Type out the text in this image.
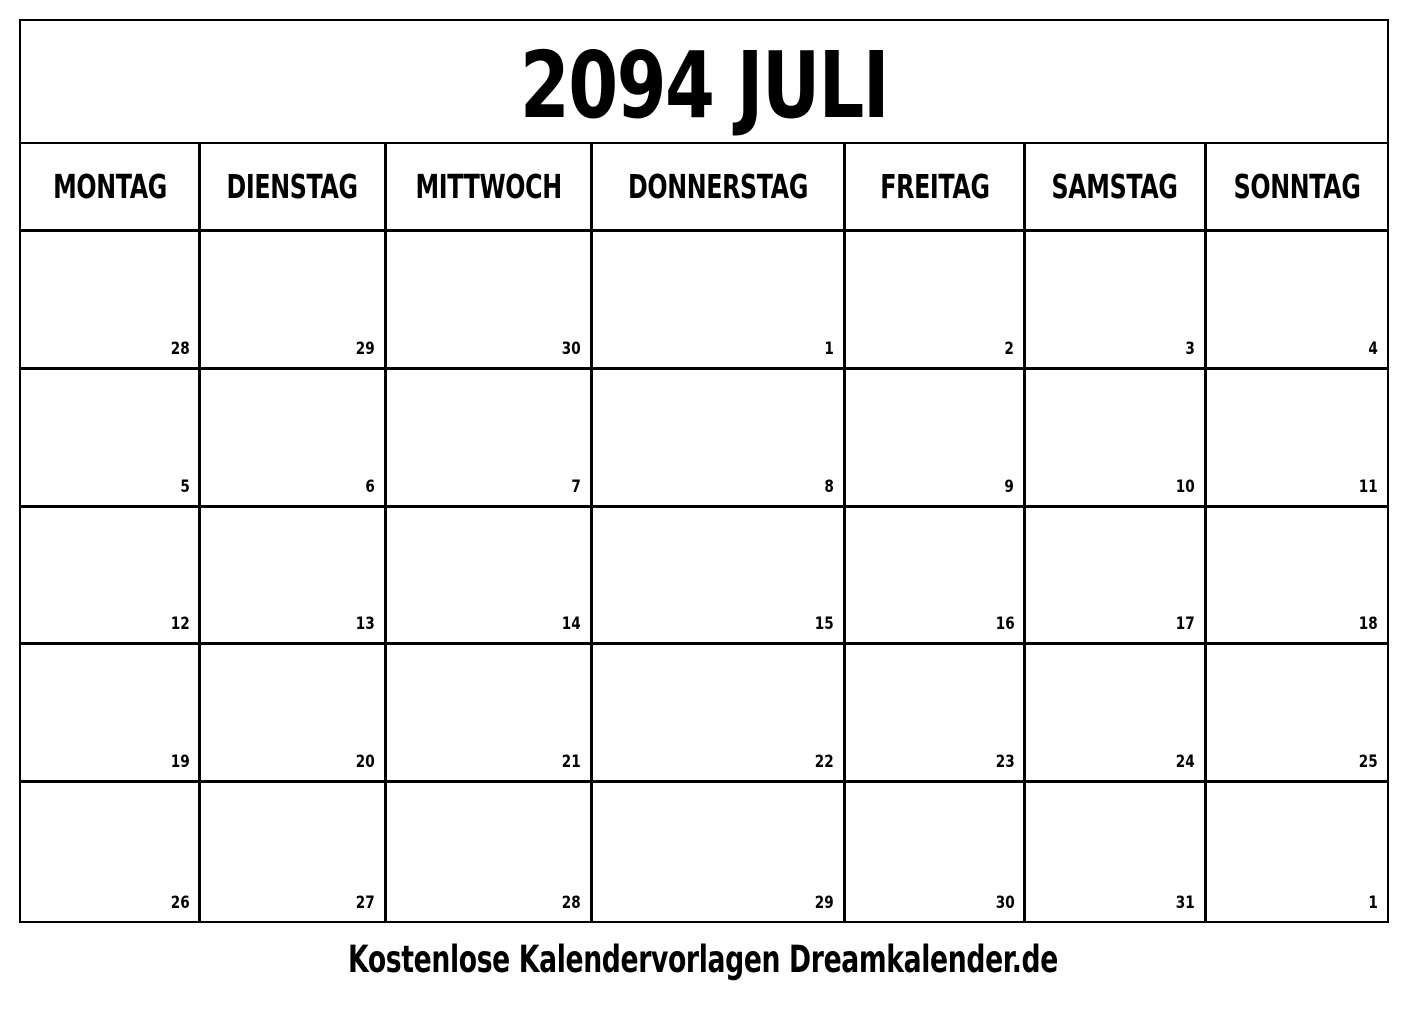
2094 JULI
MONTAG DIENSTAG MITTWOCH DONNERSTAG FREITAG SAMSTAG SONNTAG
28	29	30	1	2	3	4
5	6	7	8	9	10	11
12	13	14	15	16	17	18
19	20	21	22	23	24	25
26	27	28	29	30	31	1
Kostenlose Kalendervorlagen Dreamkalender.de
